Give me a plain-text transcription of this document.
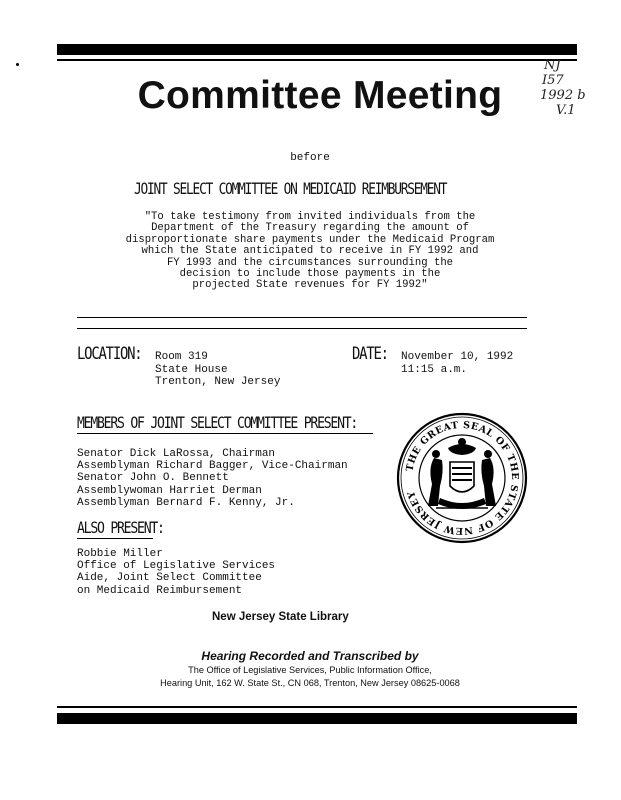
NJ
I57
1992 b
V.1
Committee Meeting
before
JOINT SELECT COMMITTEE ON MEDICAID REIMBURSEMENT
"To take testimony from invited individuals from the
Department of the Treasury regarding the amount of
disproportionate share payments under the Medicaid Program
which the State anticipated to receive in FY 1992 and
FY 1993 and the circumstances surrounding the
decision to include those payments in the
projected State revenues for FY 1992"
LOCATION: Room 319
State House
Trenton, New Jersey
DATE: November 10, 1992
11:15 a.m.
MEMBERS OF JOINT SELECT COMMITTEE PRESENT:
Senator Dick LaRossa, Chairman
Assemblyman Richard Bagger, Vice-Chairman
Senator John O. Bennett
Assemblywoman Harriet Derman
Assemblyman Bernard F. Kenny, Jr.
ALSO PRESENT:
Robbie Miller
Office of Legislative Services
Aide, Joint Select Committee
on Medicaid Reimbursement
THE GREAT SEAL OF THE STATE OF NEW JERSEY
New Jersey State Library
Hearing Recorded and Transcribed by
The Office of Legislative Services, Public Information Office,
Hearing Unit, 162 W. State St., CN 068, Trenton, New Jersey 08625-0068
